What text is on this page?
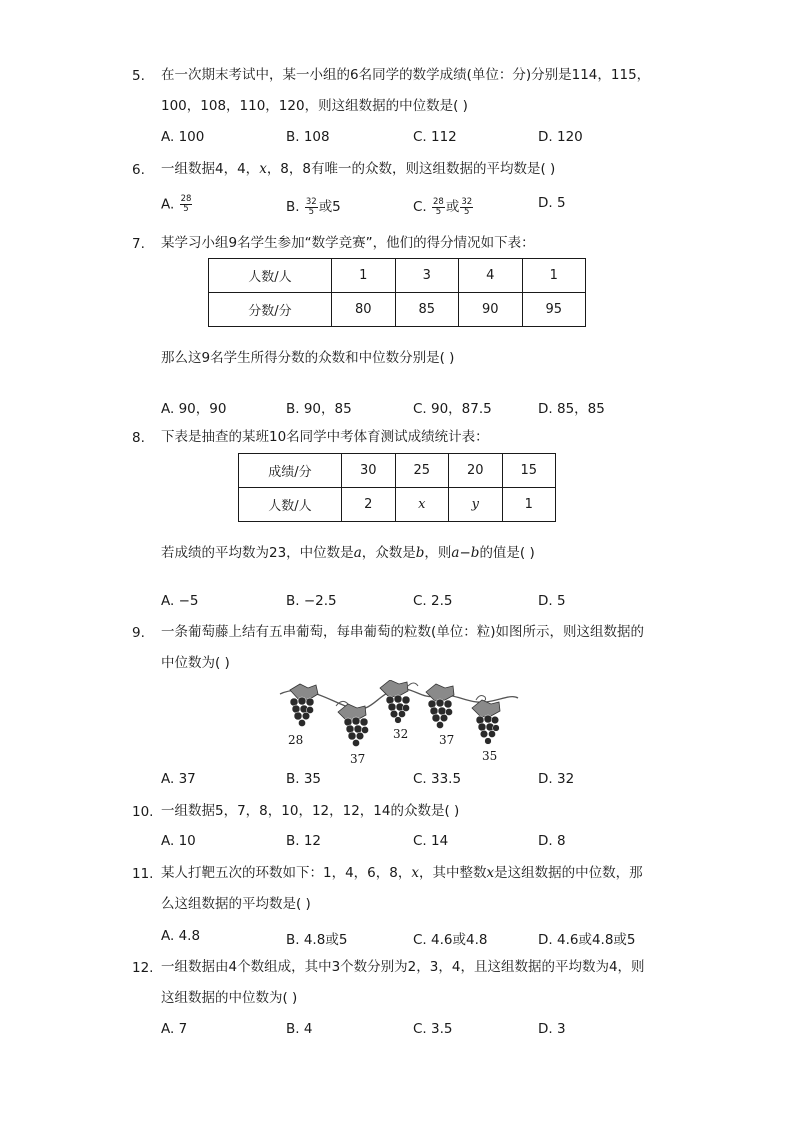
5.	在一次期末考试中，某一小组的6名同学的数学成绩(单位：分)分别是114，115，
100，108，110，120，则这组数据的中位数是( )
A. 100	B. 108	C. 112	D. 120
6.	一组数据4，4，x，8，8有唯一的众数，则这组数据的平均数是( )
A. $\frac{28}{5}$	B. $\frac{32}{5}$ 或5	C. $\frac{28}{5}$ 或 $\frac{32}{5}$	D. 5
7.	某学习小组9名学生参加“数学竞赛”，他们的得分情况如下表：
人数/人	1	3	4	1
分数/分	80	85	90	95
那么这9名学生所得分数的众数和中位数分别是( )
A. 90，90	B. 90，85	C. 90，87.5	D. 85，85
8.	下表是抽查的某班10名同学中考体育测试成绩统计表：
成绩/分	30	25	20	15
人数/人	2	x	y	1
若成绩的平均数为23，中位数是a，众数是b，则a−b的值是( )
A. −5	B. −2.5	C. 2.5	D. 5
9.	一条葡萄藤上结有五串葡萄，每串葡萄的粒数(单位：粒)如图所示，则这组数据的
中位数为( )
28
37
32	37
35
A. 37	B. 35	C. 33.5	D. 32
10. 一组数据5，7，8，10，12，12，14的众数是( )
A. 10	B. 12	C. 14	D. 8
11. 某人打靶五次的环数如下：1，4，6，8，x，其中整数x是这组数据的中位数，那
么这组数据的平均数是( )
A. 4.8	B. 4.8或5	C. 4.6或4.8	D. 4.6或4.8或5
12. 一组数据由4个数组成，其中3个数分别为2，3，4，且这组数据的平均数为4，则
这组数据的中位数为( )
A. 7	B. 4	C. 3.5	D. 3
